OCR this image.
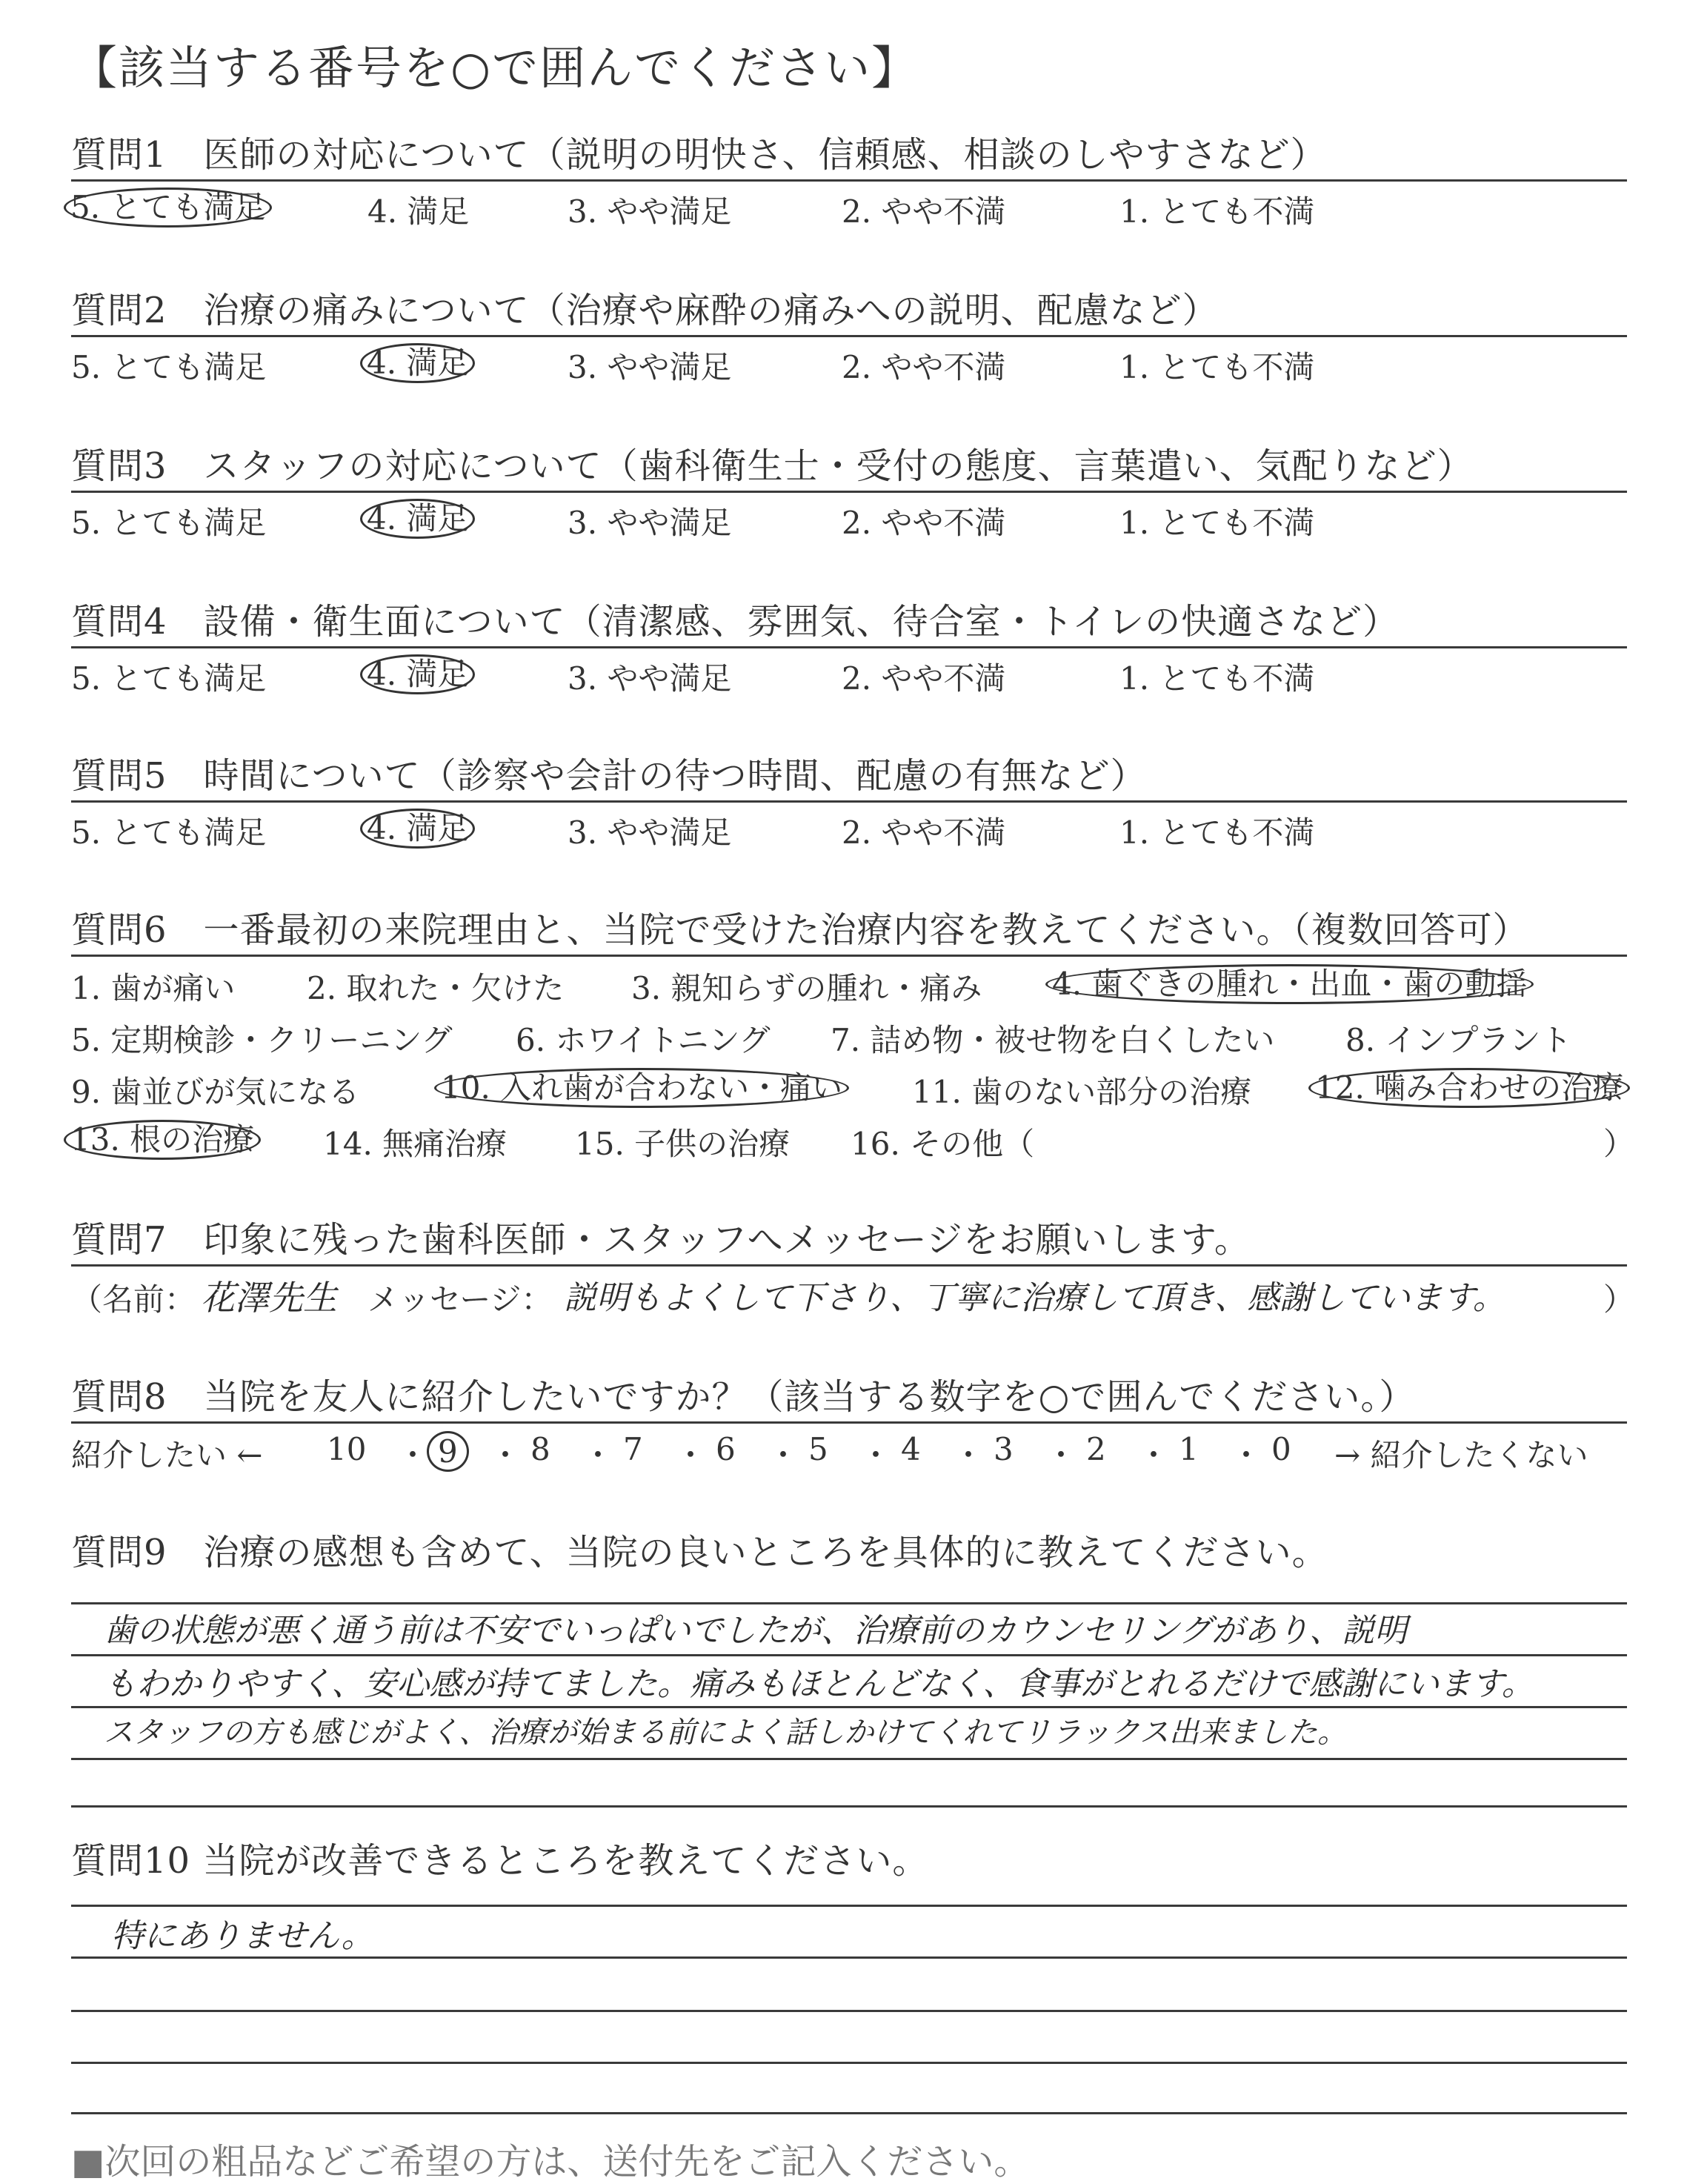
【該当する番号を○で囲んでください】
質問1　医師の対応について（説明の明快さ、信頼感、相談のしやすさなど）
5. とても満足	4. 満足	3. やや満足	2. やや不満	1. とても不満
質問2　治療の痛みについて（治療や麻酔の痛みへの説明、配慮など）
5. とても満足	4. 満足	3. やや満足	2. やや不満	1. とても不満
質問3　スタッフの対応について（歯科衛生士・受付の態度、言葉遣い、気配りなど）
5. とても満足	4. 満足	3. やや満足	2. やや不満	1. とても不満
質問4　設備・衛生面について（清潔感、雰囲気、待合室・トイレの快適さなど）
5. とても満足	4. 満足	3. やや満足	2. やや不満	1. とても不満
質問5　時間について（診察や会計の待つ時間、配慮の有無など）
5. とても満足	4. 満足	3. やや満足	2. やや不満	1. とても不満
質問6　一番最初の来院理由と、当院で受けた治療内容を教えてください。（複数回答可）
1. 歯が痛い 2. 取れた・欠けた 3. 親知らずの腫れ・痛み 4. 歯ぐきの腫れ・出血・歯の動揺
5. 定期検診・クリーニング 6. ホワイトニング 7. 詰め物・被せ物を白くしたい 8. インプラント
9. 歯並びが気になる	10. 入れ歯が合わない・痛い 11. 歯のない部分の治療 12. 噛み合わせの治療
13. 根の治療 14. 無痛治療 15. 子供の治療 16. その他（	）
質問7　印象に残った歯科医師・スタッフへメッセージをお願いします。
（名前： 花澤先生 メッセージ： 説明もよくして下さり、丁寧に治療して頂き、感謝しています。	）
質問8　当院を友人に紹介したいですか？（該当する数字を○で囲んでください。）
紹介したい ← 10 ・ 9	・ 8 ・ 7 ・ 6 ・ 5 ・ 4 ・ 3 ・ 2 ・ 1 ・ 0 → 紹介したくない
質問9　治療の感想も含めて、当院の良いところを具体的に教えてください。
歯の状態が悪く通う前は不安でいっぱいでしたが、治療前のカウンセリングがあり、説明
もわかりやすく、安心感が持てました。痛みもほとんどなく、食事がとれるだけで感謝にいます。
スタッフの方も感じがよく、治療が始まる前によく話しかけてくれてリラックス出来ました。
質問10 当院が改善できるところを教えてください。
特にありません。
■次回の粗品などご希望の方は、送付先をご記入ください。
